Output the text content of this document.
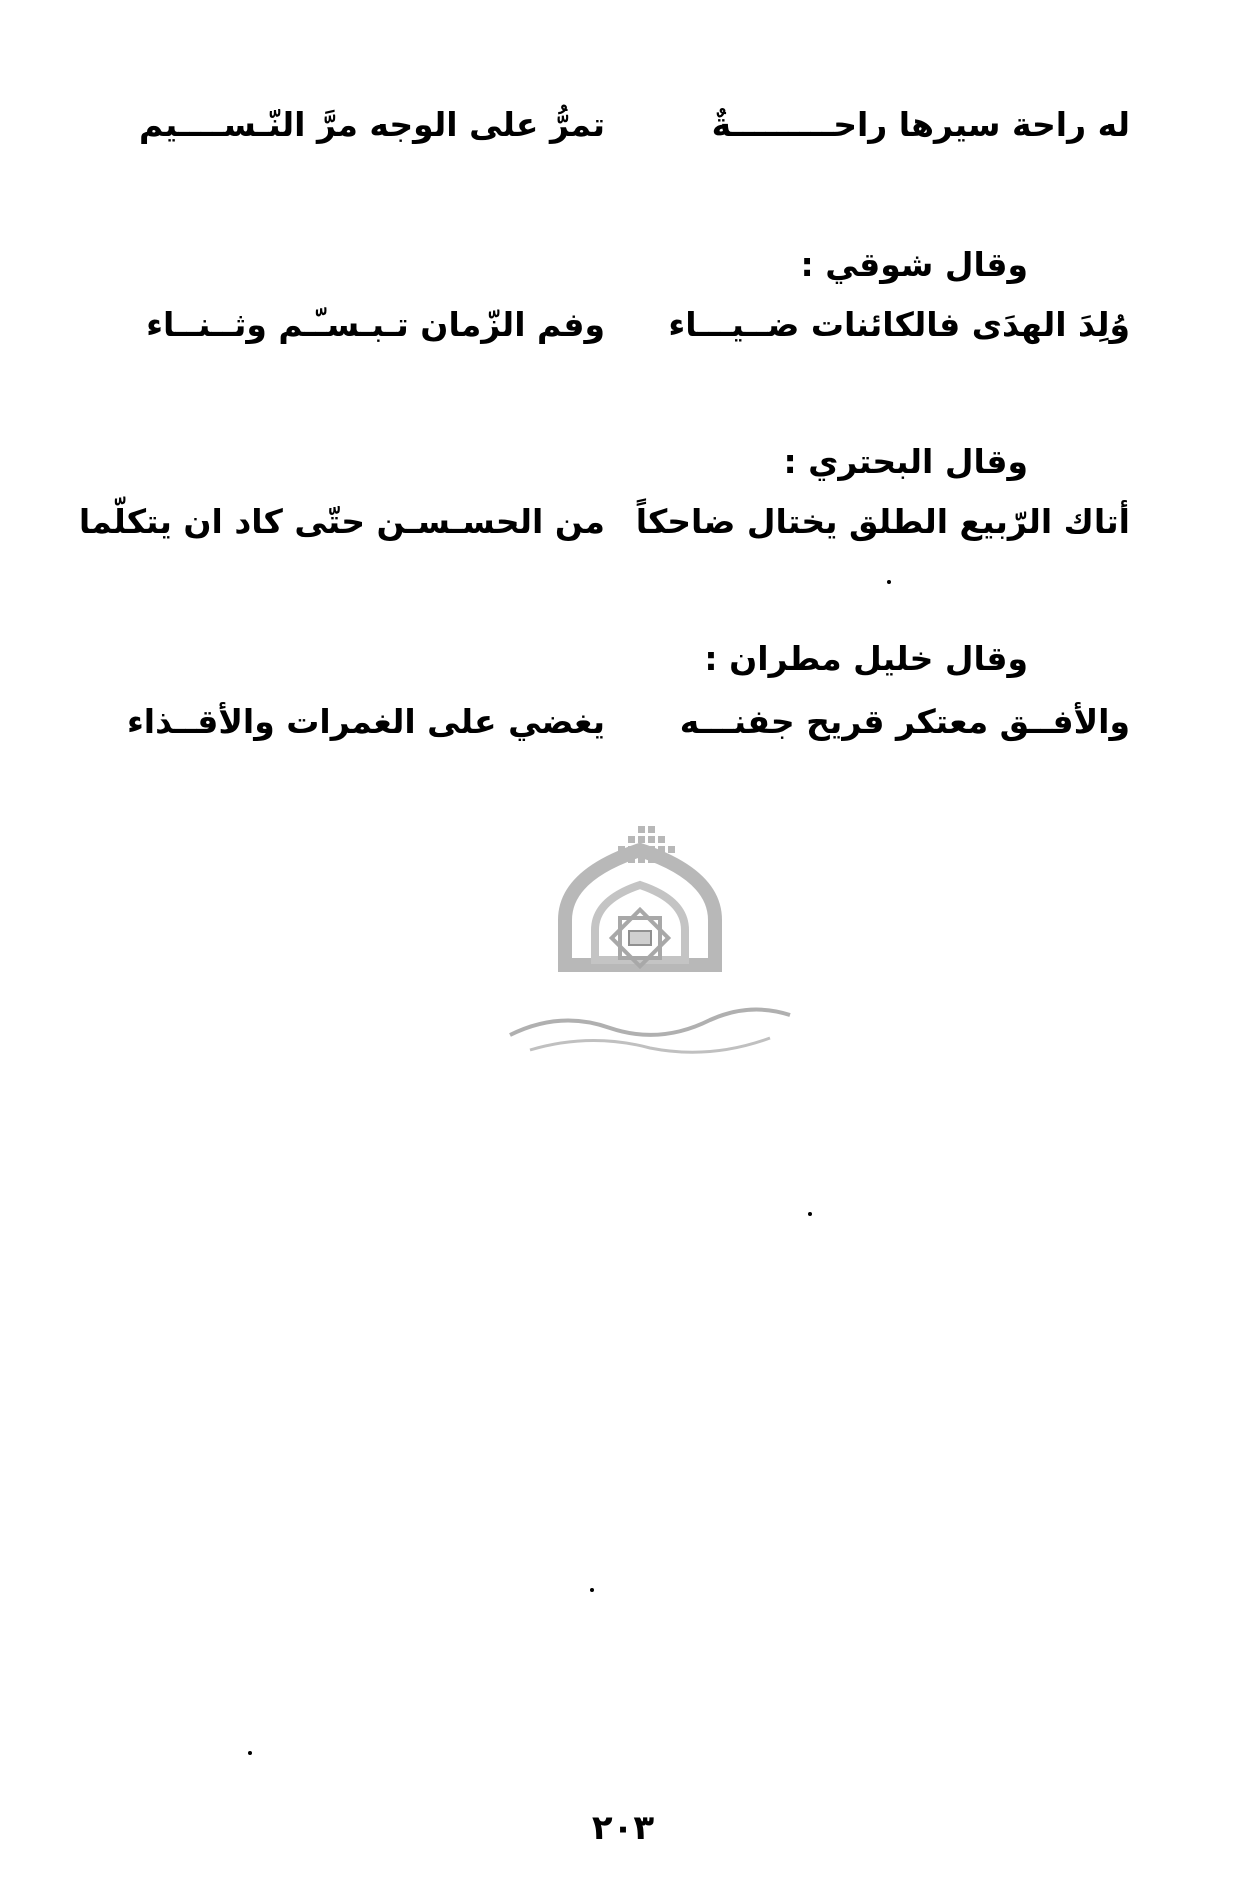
له راحة سيرها راحـــــــــةٌ
تمرُّ على الوجه مرَّ النّـســــيم
وقال شوقي :
وُلِدَ الهدَى فالكائنات ضــيـــاء
وفم الزّمان تـبـسـّـم وثــنــاء
وقال البحتري :
أتاك الرّبيع الطلق يختال ضاحكاً
من الحسـسـن حتّى كاد ان يتكلّما
وقال خليل مطران :
والأفــق معتكر قريح جفنـــه
يغضي على الغمرات والأقــذاء
٢٠٣
